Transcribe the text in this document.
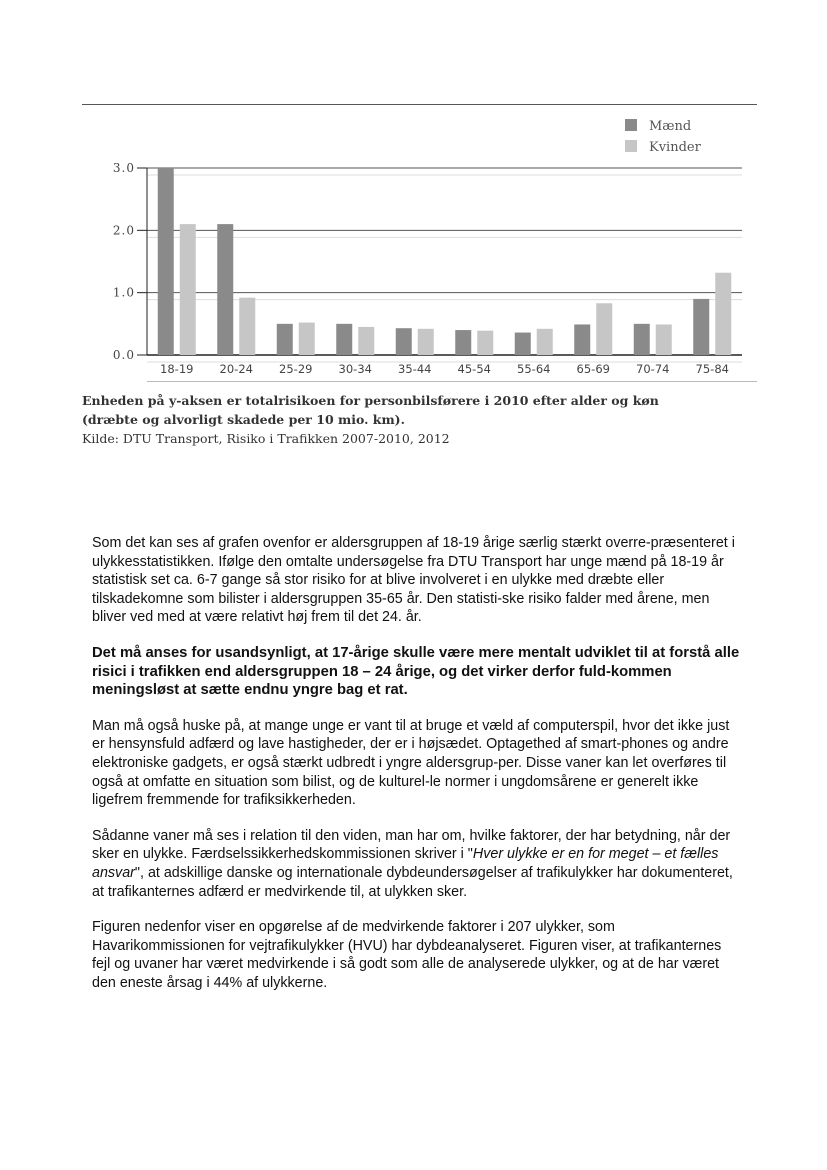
0.0
1.0
2.0
3.0
18-19 20-24 25-29 30-34 35-44 45-54 55-64 65-69 70-74 75-84
Mænd
Kvinder
Enheden på y-aksen er totalrisikoen for personbilsførere i 2010 efter alder og køn
(dræbte og alvorligt skadede per 10 mio. km).
Kilde: DTU Transport, Risiko i Trafikken 2007-2010, 2012

Som det kan ses af grafen ovenfor er aldersgruppen af 18-19 årige særlig stærkt overre-præsenteret i ulykkesstatistikken. Ifølge den omtalte undersøgelse fra DTU Transport har unge mænd på 18-19 år statistisk set ca. 6-7 gange så stor risiko for at blive involveret i en ulykke med dræbte eller tilskadekomne som bilister i aldersgruppen 35-65 år. Den statisti-ske risiko falder med årene, men bliver ved med at være relativt høj frem til det 24. år.

Det må anses for usandsynligt, at 17-årige skulle være mere mentalt udviklet til at forstå alle risici i trafikken end aldersgruppen 18 – 24 årige, og det virker derfor fuld-kommen meningsløst at sætte endnu yngre bag et rat.

Man må også huske på, at mange unge er vant til at bruge et væld af computerspil, hvor det ikke just er hensynsfuld adfærd og lave hastigheder, der er i højsædet. Optagethed af smart-phones og andre elektroniske gadgets, er også stærkt udbredt i yngre aldersgrup-per. Disse vaner kan let overføres til også at omfatte en situation som bilist, og de kulturel-le normer i ungdomsårene er generelt ikke ligefrem fremmende for trafiksikkerheden.

Sådanne vaner må ses i relation til den viden, man har om, hvilke faktorer, der har betydning, når der sker en ulykke. Færdselssikkerhedskommissionen skriver i "Hver ulykke er en for meget – et fælles ansvar", at adskillige danske og internationale dybdeundersøgelser af trafikulykker har dokumenteret, at trafikanternes adfærd er medvirkende til, at ulykken sker.

Figuren nedenfor viser en opgørelse af de medvirkende faktorer i 207 ulykker, som Havarikommissionen for vejtrafikulykker (HVU) har dybdeanalyseret. Figuren viser, at trafikanternes fejl og uvaner har været medvirkende i så godt som alle de analyserede ulykker, og at de har været den eneste årsag i 44% af ulykkerne.
